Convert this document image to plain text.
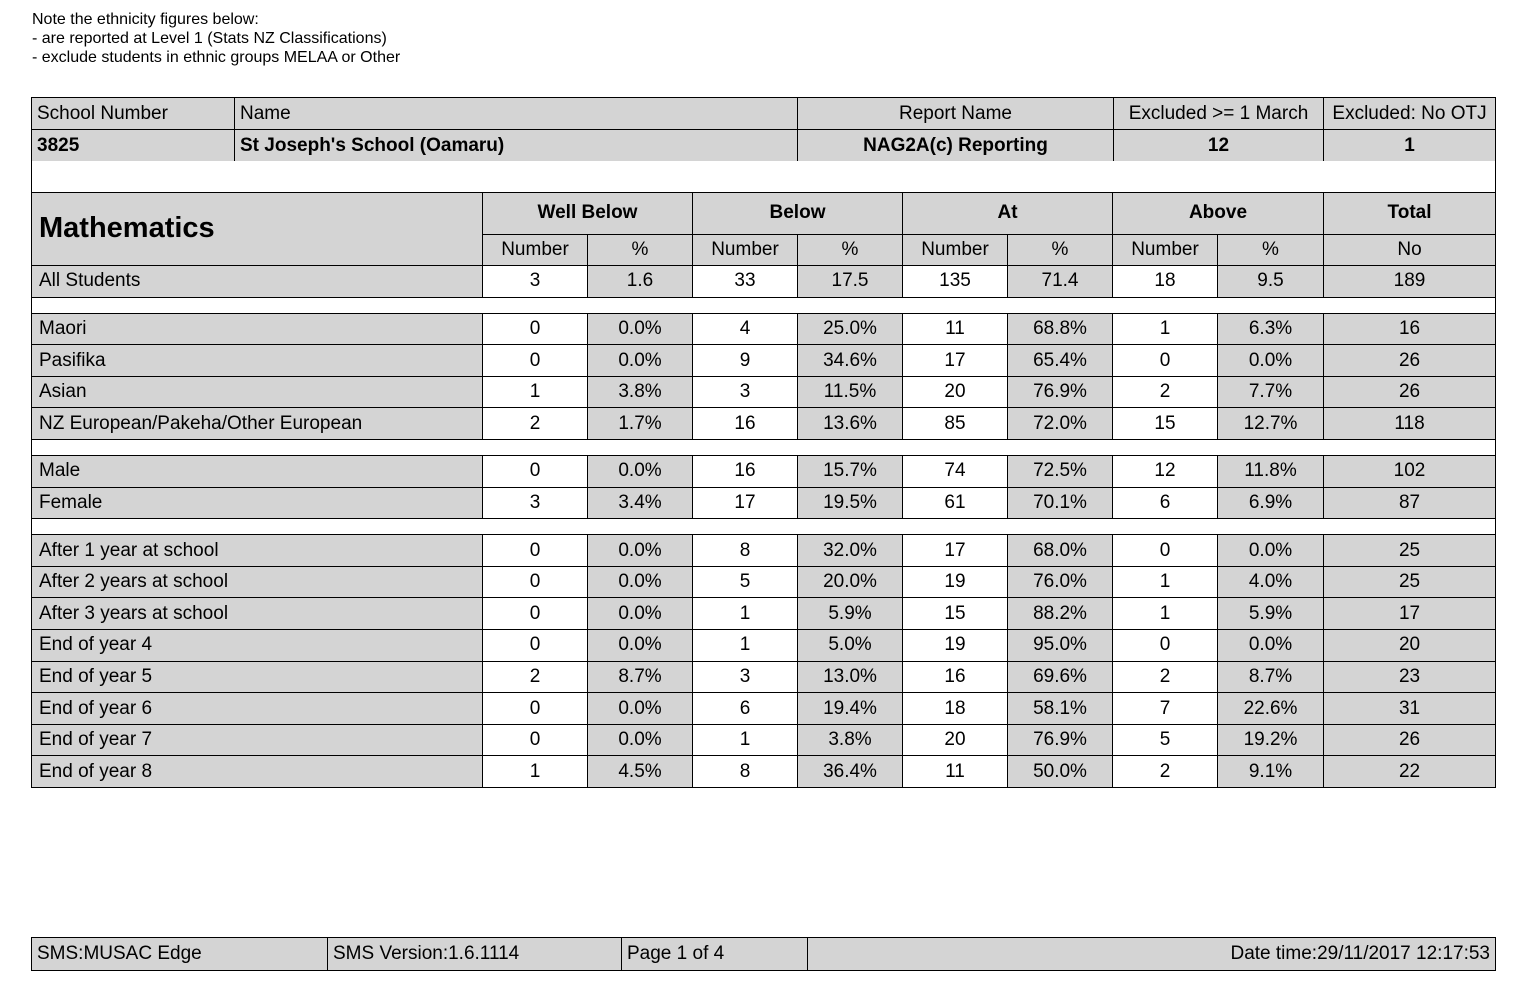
Note the ethnicity figures below:
- are reported at Level 1 (Stats NZ Classifications)
- exclude students in ethnic groups MELAA or Other
School Number	Name	Report Name	Excluded >= 1 March	Excluded: No OTJ
3825	St Joseph's School (Oamaru)	NAG2A(c) Reporting	12	1

Mathematics	Well Below		Below		At		Above		Total
	Number	%	Number	%	Number	%	Number	%	No
All Students	3	1.6	33	17.5	135	71.4	18	9.5	189

Maori	0	0.0%	4	25.0%	11	68.8%	1	6.3%	16
Pasifika	0	0.0%	9	34.6%	17	65.4%	0	0.0%	26
Asian	1	3.8%	3	11.5%	20	76.9%	2	7.7%	26
NZ European/Pakeha/Other European	2	1.7%	16	13.6%	85	72.0%	15	12.7%	118

Male	0	0.0%	16	15.7%	74	72.5%	12	11.8%	102
Female	3	3.4%	17	19.5%	61	70.1%	6	6.9%	87

After 1 year at school	0	0.0%	8	32.0%	17	68.0%	0	0.0%	25
After 2 years at school	0	0.0%	5	20.0%	19	76.0%	1	4.0%	25
After 3 years at school	0	0.0%	1	5.9%	15	88.2%	1	5.9%	17
End of year 4	0	0.0%	1	5.0%	19	95.0%	0	0.0%	20
End of year 5	2	8.7%	3	13.0%	16	69.6%	2	8.7%	23
End of year 6	0	0.0%	6	19.4%	18	58.1%	7	22.6%	31
End of year 7	0	0.0%	1	3.8%	20	76.9%	5	19.2%	26
End of year 8	1	4.5%	8	36.4%	11	50.0%	2	9.1%	22
SMS:MUSAC Edge	SMS Version:1.6.1114	Page 1 of 4	Date time:29/11/2017 12:17:53
